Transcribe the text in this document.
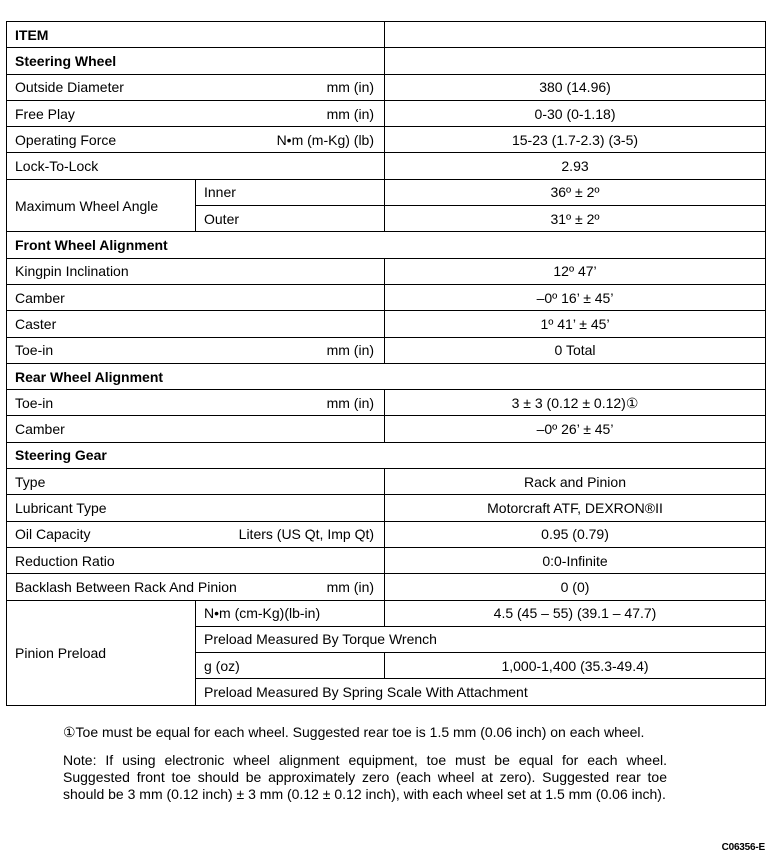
ITEM		
Steering Wheel		

Outside Diameter mm (in)		380 (14.96)

Free Play mm (in)		0-30 (0-1.18)

Operating Force N•m (m-Kg) (lb)		15-23 (1.7-2.3) (3-5)
Lock-To-Lock		2.93
Maximum Wheel Angle	Inner	36º ± 2º
	Outer	31º ± 2º
Front Wheel Alignment		
Kingpin Inclination		12º 47’
Camber		–0º 16’ ± 45’
Caster		1º 41’ ± 45’

Toe-in mm (in)		0 Total
Rear Wheel Alignment		

Toe-in mm (in)		3 ± 3 (0.12 ± 0.12)①
Camber		–0º 26’ ± 45’
Steering Gear		
Type		Rack and Pinion
Lubricant Type		Motorcraft ATF, DEXRON®II

Oil Capacity Liters (US Qt, Imp Qt)		0.95 (0.79)
Reduction Ratio		0:0-Infinite

Backlash Between Rack And Pinion mm (in)		0 (0)
Pinion Preload	N•m (cm-Kg)(lb-in)	4.5 (45 – 55) (39.1 – 47.7)
	Preload Measured By Torque Wrench	
	g (oz)	1,000-1,400 (35.3-49.4)
	Preload Measured By Spring Scale With Attachment	

①Toe must be equal for each wheel. Suggested rear toe is 1.5 mm (0.06 inch) on each wheel.

Note: If using electronic wheel alignment equipment, toe must be equal for each wheel. Suggested front toe should be approximately zero (each wheel at zero). Suggested rear toe should be 3 mm (0.12 inch) ± 3 mm (0.12 ± 0.12 inch), with each wheel set at 1.5 mm (0.06 inch).

C06356-E
